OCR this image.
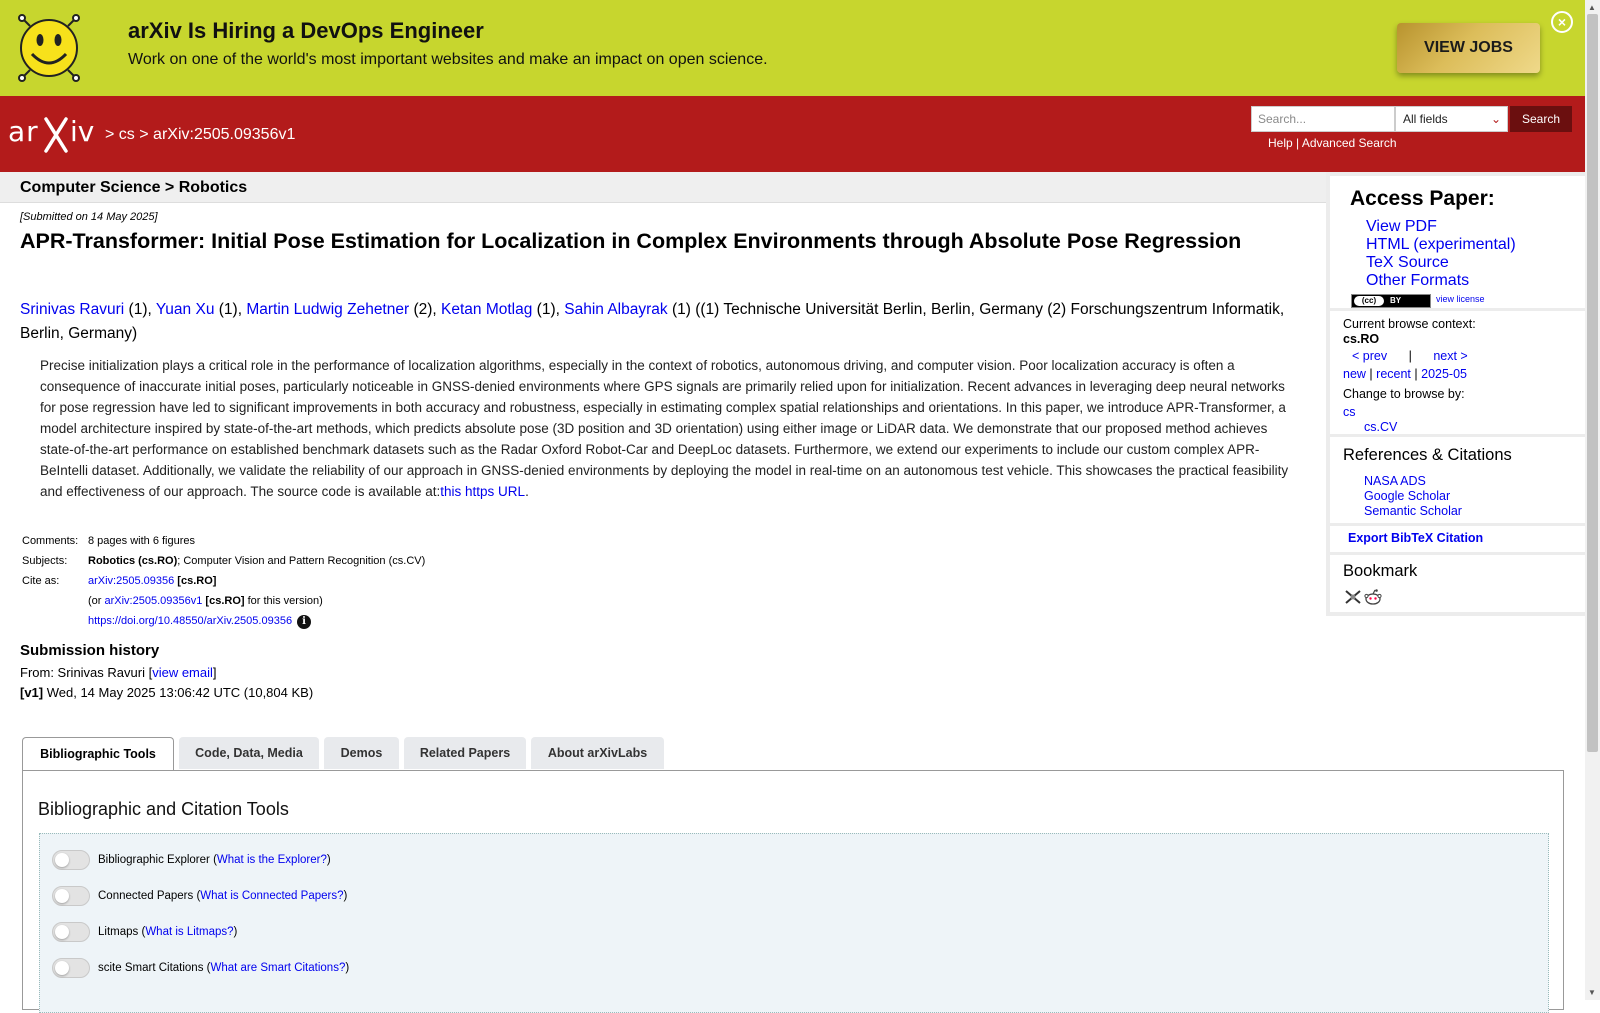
arXiv Is Hiring a DevOps Engineer
Work on one of the world's most important websites and make an impact on open science.
VIEW JOBS
×
ar iv > cs > arXiv:2505.09356v1
Search...
All fields	⌄	Search
Help | Advanced Search
Computer Science > Robotics
[Submitted on 14 May 2025]
APR-Transformer: Initial Pose Estimation for Localization in Complex Environments through Absolute Pose Regression
Srinivas Ravuri (1), Yuan Xu (1), Martin Ludwig Zehetner (2), Ketan Motlag (1), Sahin Albayrak (1) ((1) Technische Universität Berlin, Berlin, Germany (2) Forschungszentrum Informatik, Berlin, Germany)
Precise initialization plays a critical role in the performance of localization algorithms, especially in the context of robotics, autonomous driving, and computer vision. Poor localization accuracy is often a consequence of inaccurate initial poses, particularly noticeable in GNSS-denied environments where GPS signals are primarily relied upon for initialization. Recent advances in leveraging deep neural networks for pose regression have led to significant improvements in both accuracy and robustness, especially in estimating complex spatial relationships and orientations. In this paper, we introduce APR-Transformer, a model architecture inspired by state-of-the-art methods, which predicts absolute pose (3D position and 3D orientation) using either image or LiDAR data. We demonstrate that our proposed method achieves state-of-the-art performance on established benchmark datasets such as the Radar Oxford Robot-Car and DeepLoc datasets. Furthermore, we extend our experiments to include our custom complex APR-BeIntelli dataset. Additionally, we validate the reliability of our approach in GNSS-denied environments by deploying the model in real-time on an autonomous test vehicle. This showcases the practical feasibility and effectiveness of our approach. The source code is available at:this https URL.
Comments:	8 pages with 6 figures
Subjects:	Robotics (cs.RO); Computer Vision and Pattern Recognition (cs.CV)
Cite as:	arXiv:2505.09356 [cs.RO]
	(or arXiv:2505.09356v1 [cs.RO] for this version)
	https://doi.org/10.48550/arXiv.2505.09356 i
Submission history
From: Srinivas Ravuri [view email]
[v1] Wed, 14 May 2025 13:06:42 UTC (10,804 KB)
Bibliographic Tools	Code, Data, Media	Demos	Related Papers	About arXivLabs
Bibliographic and Citation Tools
Bibliographic Explorer (What is the Explorer?)
Connected Papers (What is Connected Papers?)
Litmaps (What is Litmaps?)
scite Smart Citations (What are Smart Citations?)
Access Paper:
View PDF
HTML (experimental)
TeX Source
Other Formats
(cc)	BY	view license
Current browse context:
cs.RO
< prev | next >
new | recent | 2025-05
Change to browse by:
cs
cs.CV
References & Citations
NASA ADS
Google Scholar
Semantic Scholar
Export BibTeX Citation
Bookmark
▲
▼
